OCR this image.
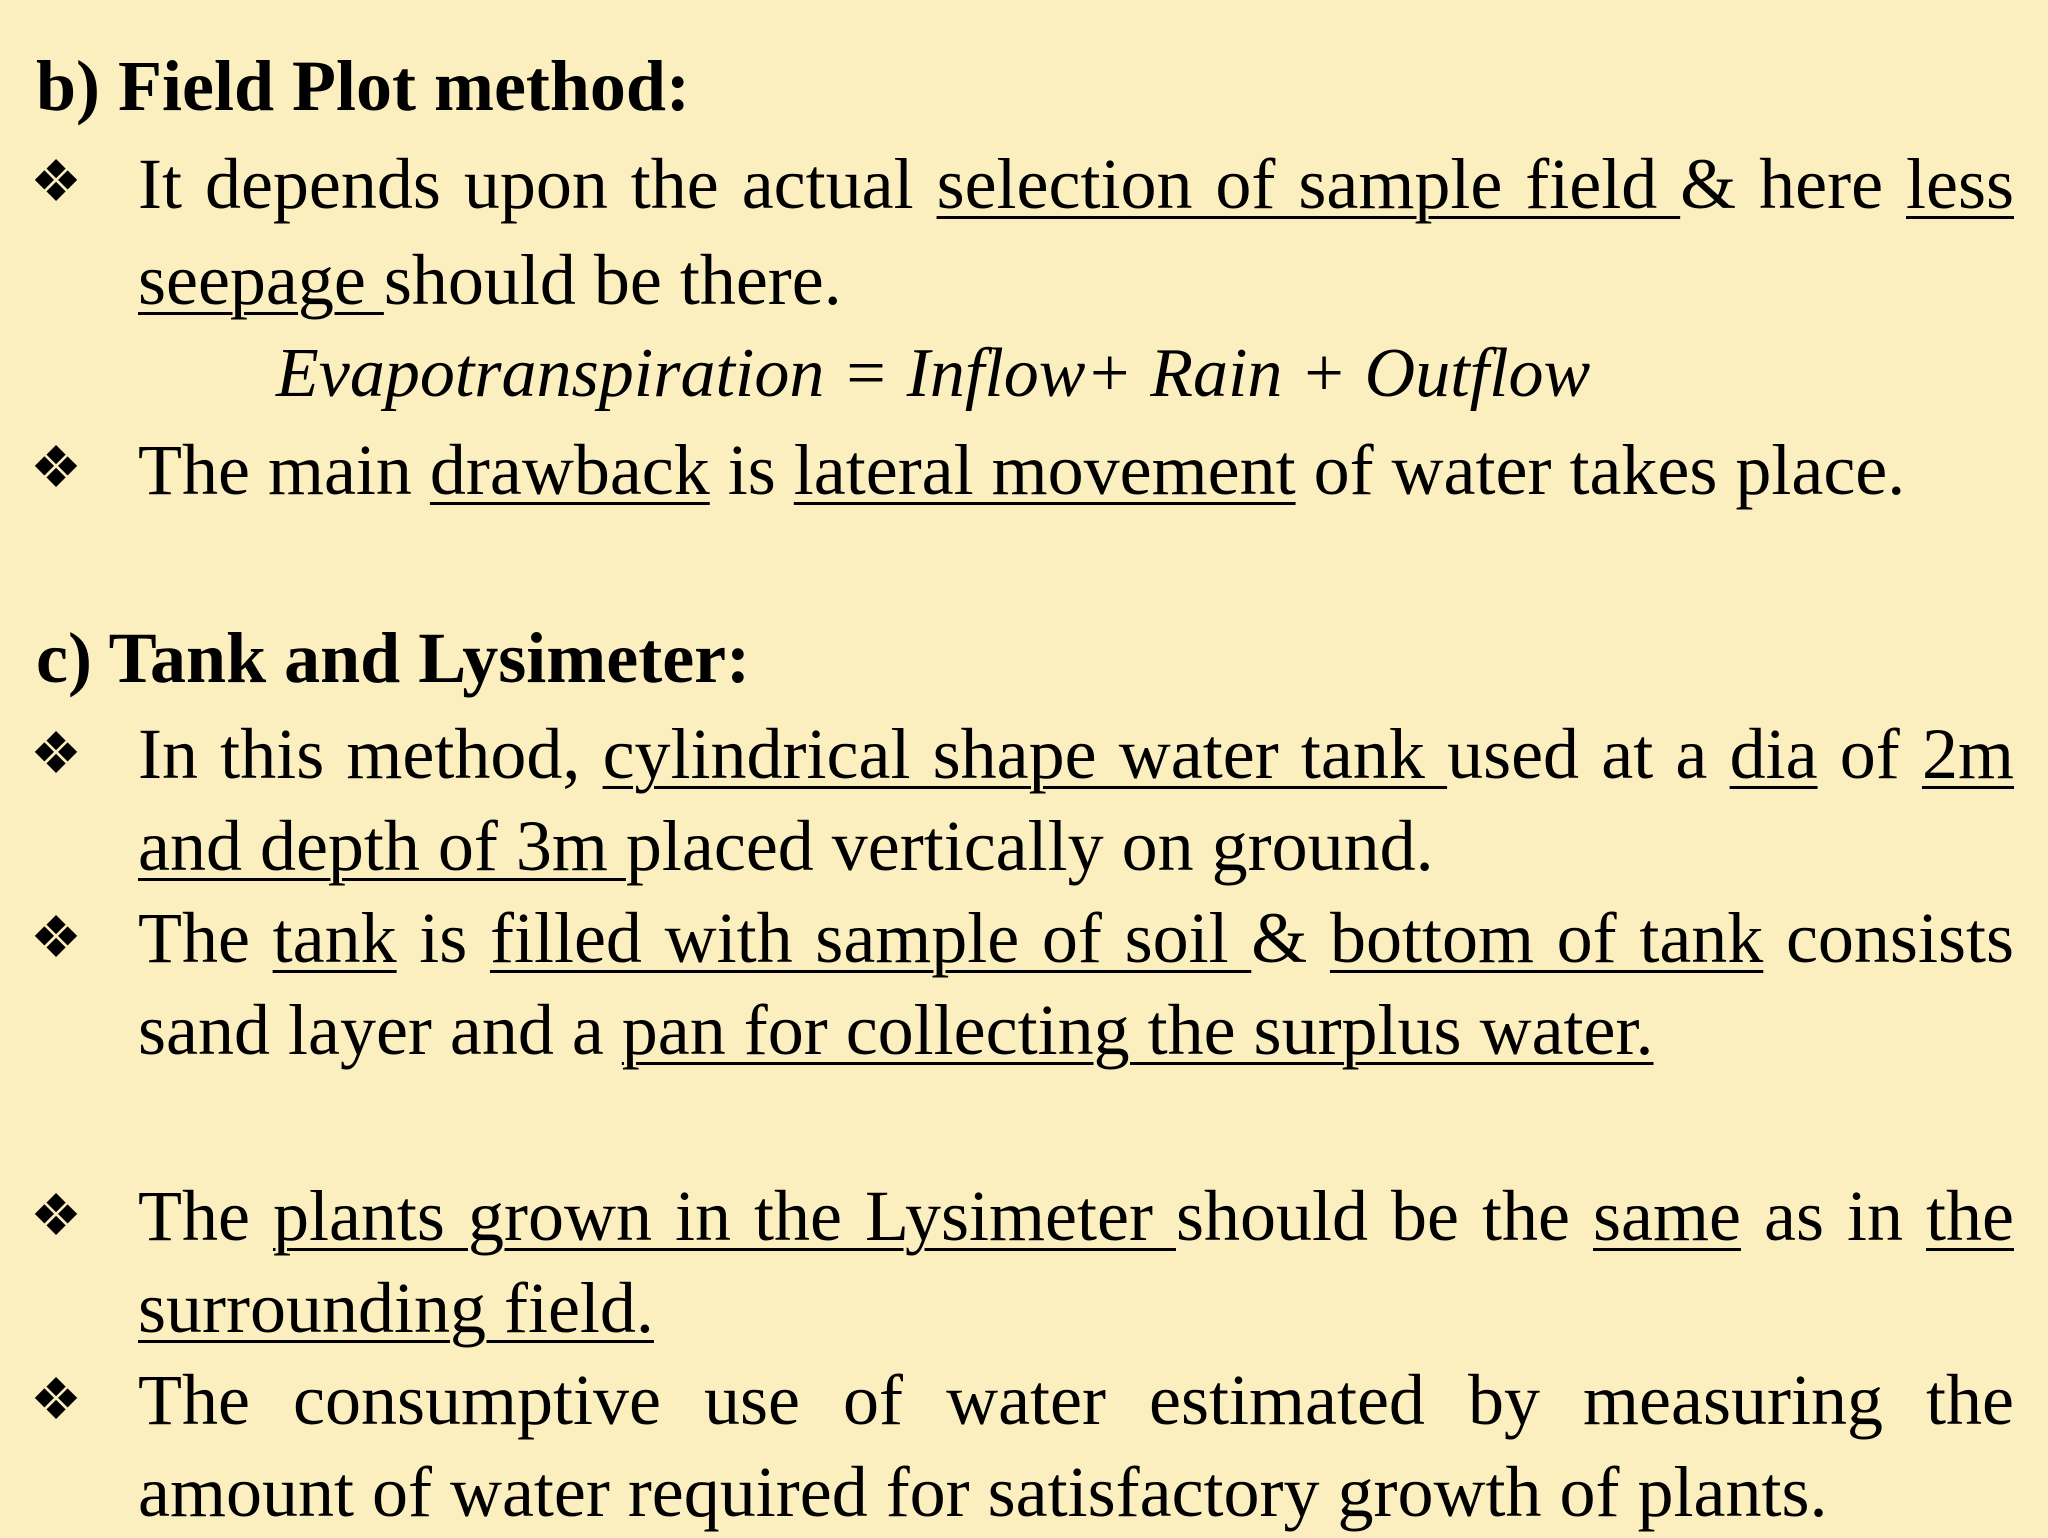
b) Field Plot method:
❖ It depends upon the actual selection of sample field & here less seepage should be there.
Evapotranspiration = Inflow+ Rain + Outflow
❖ The main drawback is lateral movement of water takes place.
c) Tank and Lysimeter:
❖ In this method, cylindrical shape water tank used at a dia of 2m and depth of 3m placed vertically on ground.
❖ The tank is filled with sample of soil & bottom of tank consists sand layer and a pan for collecting the surplus water.
❖ The plants grown in the Lysimeter should be the same as in the surrounding field.
❖ The consumptive use of water estimated by measuring the amount of water required for satisfactory growth of plants.
